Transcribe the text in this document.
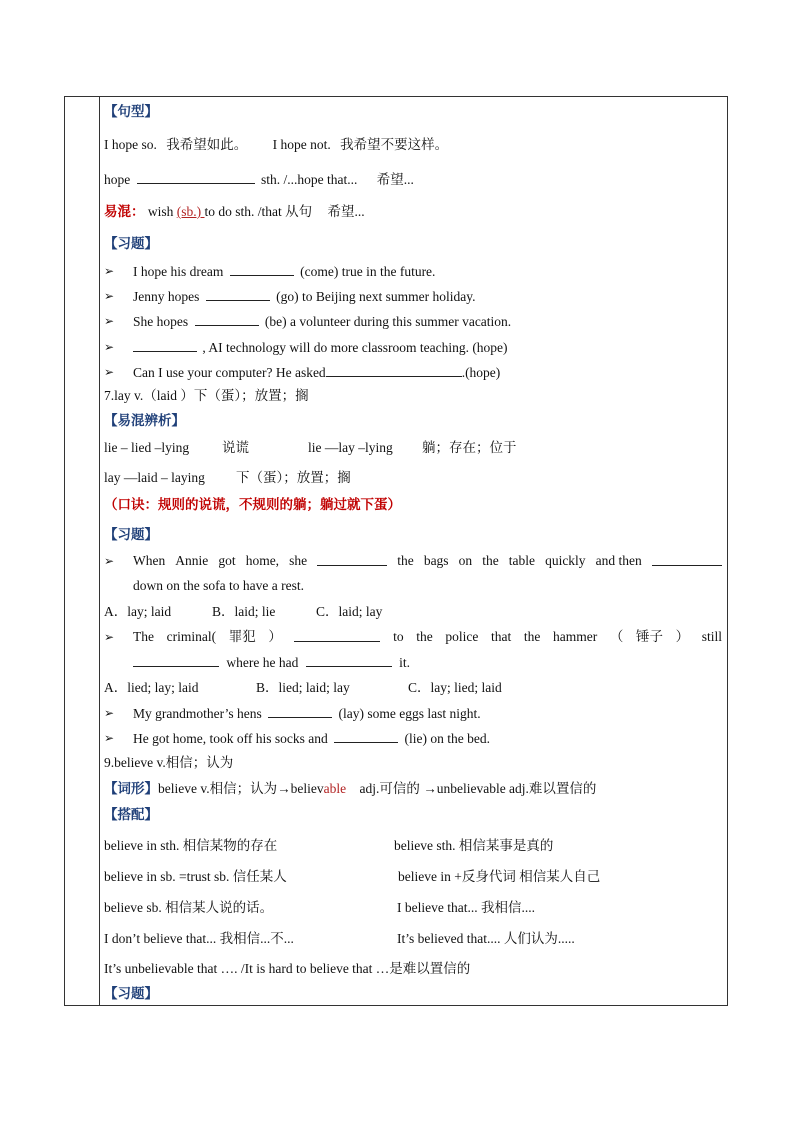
【句型】
I hope so. 我希望如此。 I hope not. 我希望不要这样。
hope	sth. /...hope that... 希望...
易混： wish (sb.) to do sth. /that 从句 希望...
【习题】
➢ I hope his dream	(come) true in the future.
➢ Jenny hopes	(go) to Beijing next summer holiday.
➢ She hopes	(be) a volunteer during this summer vacation.
➢	, AI technology will do more classroom teaching. (hope)
➢ Can I use your computer? He asked	.(hope)
7.lay v.（laid ）下（蛋）；放置；搁
【易混辨析】
lie – lied –lying 说谎	lie —lay –lying 躺；存在；位于
lay —laid – laying 下（蛋）；放置；搁
（口诀：规则的说谎，不规则的躺；躺过就下蛋）
【习题】
➢ When Annie got home, she	the bags on the table quickly and then
down on the sofa to have a rest.
A．lay; laid	B．laid; lie	C．laid; lay
➢ The criminal( 罪犯 ）	to the police that the hammer （ 锤子 ） still
where he had	it.
A．lied; lay; laid	B．lied; laid; lay	C．lay; lied; laid
➢ My grandmother’s hens	(lay) some eggs last night.
➢ He got home, took off his socks and	(lie) on the bed.
9.believe v.相信；认为
【词形】believe v.相信；认为→believable adj.可信的 →unbelievable adj.难以置信的
【搭配】
believe in sth. 相信某物的存在	believe sth. 相信某事是真的
believe in sb. =trust sb. 信任某人	believe in +反身代词 相信某人自己
believe sb. 相信某人说的话。	I believe that... 我相信....
I don’t believe that... 我相信...不...	It’s believed that.... 人们认为.....
It’s unbelievable that …. /It is hard to believe that …是难以置信的
【习题】
